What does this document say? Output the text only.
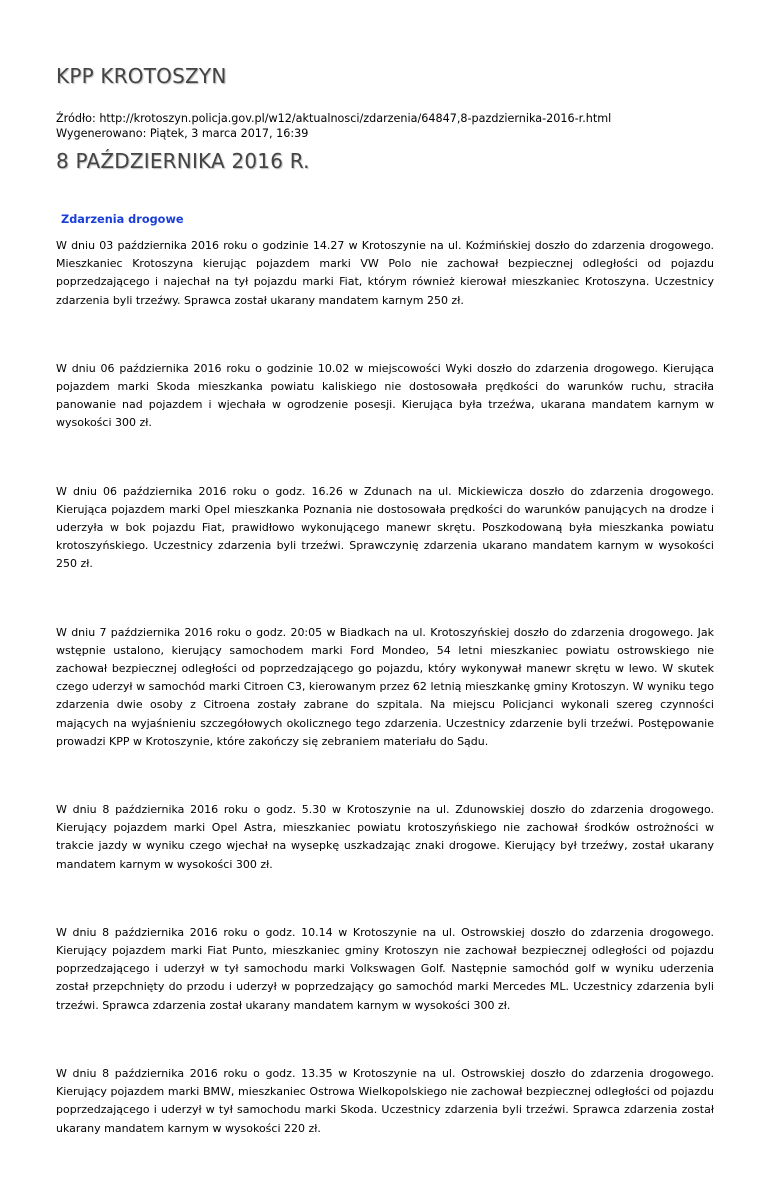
KPP KROTOSZYN
Źródło: http://krotoszyn.policja.gov.pl/w12/aktualnosci/zdarzenia/64847,8-pazdziernika-2016-r.html
Wygenerowano: Piątek, 3 marca 2017, 16:39
8 PAŹDZIERNIKA 2016 R.
Zdarzenia drogowe

W dniu 03 października 2016 roku o godzinie 14.27 w Krotoszynie na ul. Koźmińskiej doszło do zdarzenia drogowego. Mieszkaniec Krotoszyna kierując pojazdem marki VW Polo nie zachował bezpiecznej odległości od pojazdu poprzedzającego i najechał na tył pojazdu marki Fiat, którym również kierował mieszkaniec Krotoszyna. Uczestnicy zdarzenia byli trzeźwy. Sprawca został ukarany mandatem karnym 250 zł.

W dniu 06 października 2016 roku o godzinie 10.02 w miejscowości Wyki doszło do zdarzenia drogowego. Kierująca pojazdem marki Skoda mieszkanka powiatu kaliskiego nie dostosowała prędkości do warunków ruchu, straciła panowanie nad pojazdem i wjechała w ogrodzenie posesji. Kierująca była trzeźwa, ukarana mandatem karnym w wysokości 300 zł.

W dniu 06 października 2016 roku o godz. 16.26 w Zdunach na ul. Mickiewicza doszło do zdarzenia drogowego. Kierująca pojazdem marki Opel mieszkanka Poznania nie dostosowała prędkości do warunków panujących na drodze i uderzyła w bok pojazdu Fiat, prawidłowo wykonującego manewr skrętu. Poszkodowaną była mieszkanka powiatu krotoszyńskiego. Uczestnicy zdarzenia byli trzeźwi. Sprawczynię zdarzenia ukarano mandatem karnym w wysokości 250 zł.

W dniu 7 października 2016 roku o godz. 20:05 w Biadkach na ul. Krotoszyńskiej doszło do zdarzenia drogowego. Jak wstępnie ustalono, kierujący samochodem marki Ford Mondeo, 54 letni mieszkaniec powiatu ostrowskiego nie zachował bezpiecznej odległości od poprzedzającego go pojazdu, który wykonywał manewr skrętu w lewo. W skutek czego uderzył w samochód marki Citroen C3, kierowanym przez 62 letnią mieszkankę gminy Krotoszyn. W wyniku tego zdarzenia dwie osoby z Citroena zostały zabrane do szpitala. Na miejscu Policjanci wykonali szereg czynności mających na wyjaśnieniu szczegółowych okolicznego tego zdarzenia. Uczestnicy zdarzenie byli trzeźwi. Postępowanie prowadzi KPP w Krotoszynie, które zakończy się zebraniem materiału do Sądu.

W dniu 8 października 2016 roku o godz. 5.30 w Krotoszynie na ul. Zdunowskiej doszło do zdarzenia drogowego. Kierujący pojazdem marki Opel Astra, mieszkaniec powiatu krotoszyńskiego nie zachował środków ostrożności w trakcie jazdy w wyniku czego wjechał na wysepkę uszkadzając znaki drogowe. Kierujący był trzeźwy, został ukarany mandatem karnym w wysokości 300 zł.

W dniu 8 października 2016 roku o godz. 10.14 w Krotoszynie na ul. Ostrowskiej doszło do zdarzenia drogowego. Kierujący pojazdem marki Fiat Punto, mieszkaniec gminy Krotoszyn nie zachował bezpiecznej odległości od pojazdu poprzedzającego i uderzył w tył samochodu marki Volkswagen Golf. Następnie samochód golf w wyniku uderzenia został przepchnięty do przodu i uderzył w poprzedzający go samochód marki Mercedes ML. Uczestnicy zdarzenia byli trzeźwi. Sprawca zdarzenia został ukarany mandatem karnym w wysokości 300 zł.

W dniu 8 października 2016 roku o godz. 13.35 w Krotoszynie na ul. Ostrowskiej doszło do zdarzenia drogowego. Kierujący pojazdem marki BMW, mieszkaniec Ostrowa Wielkopolskiego nie zachował bezpiecznej odległości od pojazdu poprzedzającego i uderzył w tył samochodu marki Skoda. Uczestnicy zdarzenia byli trzeźwi. Sprawca zdarzenia został ukarany mandatem karnym w wysokości 220 zł.
